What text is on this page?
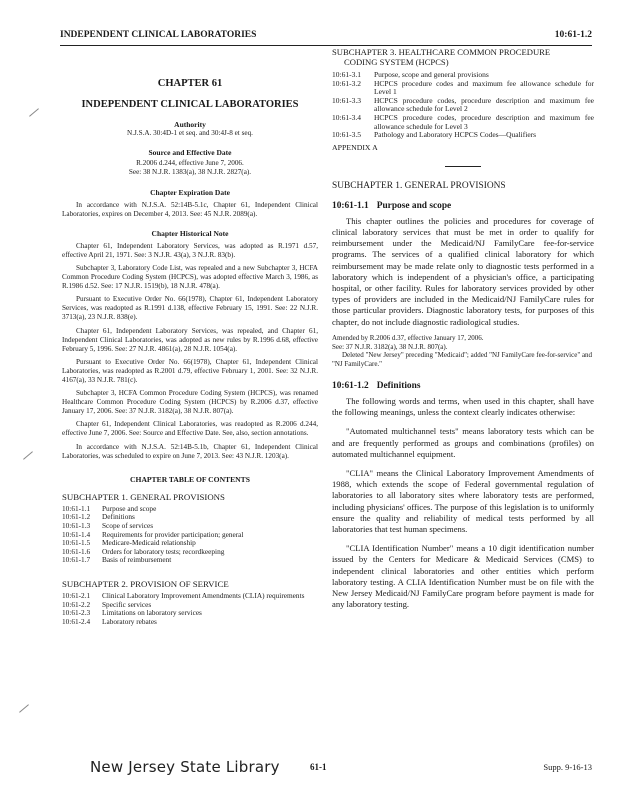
INDEPENDENT CLINICAL LABORATORIES	10:61-1.2
CHAPTER 61
INDEPENDENT CLINICAL LABORATORIES
Authority
N.J.S.A. 30:4D-1 et seq. and 30:4J-8 et seq.
Source and Effective Date
R.2006 d.244, effective June 7, 2006.
See: 38 N.J.R. 1383(a), 38 N.J.R. 2827(a).
Chapter Expiration Date

In accordance with N.J.S.A. 52:14B-5.1c, Chapter 61, Independent Clinical Laboratories, expires on December 4, 2013. See: 45 N.J.R. 2089(a).

Chapter Historical Note

Chapter 61, Independent Laboratory Services, was adopted as R.1971 d.57, effective April 21, 1971. See: 3 N.J.R. 43(a), 3 N.J.R. 83(b).

Subchapter 3, Laboratory Code List, was repealed and a new Subchapter 3, HCFA Common Procedure Coding System (HCPCS), was adopted effective March 3, 1986, as R.1986 d.52. See: 17 N.J.R. 1519(b), 18 N.J.R. 478(a).

Pursuant to Executive Order No. 66(1978), Chapter 61, Independent Laboratory Services, was readopted as R.1991 d.138, effective February 15, 1991. See: 22 N.J.R. 3713(a), 23 N.J.R. 838(e).

Chapter 61, Independent Laboratory Services, was repealed, and Chapter 61, Independent Clinical Laboratories, was adopted as new rules by R.1996 d.68, effective February 5, 1996. See: 27 N.J.R. 4861(a), 28 N.J.R. 1054(a).

Pursuant to Executive Order No. 66(1978), Chapter 61, Independent Clinical Laboratories, was readopted as R.2001 d.79, effective February 1, 2001. See: 32 N.J.R. 4167(a), 33 N.J.R. 781(c).

Subchapter 3, HCFA Common Procedure Coding System (HCPCS), was renamed Healthcare Common Procedure Coding System (HCPCS) by R.2006 d.37, effective January 17, 2006. See: 37 N.J.R. 3182(a), 38 N.J.R. 807(a).

Chapter 61, Independent Clinical Laboratories, was readopted as R.2006 d.244, effective June 7, 2006. See: Source and Effective Date. See, also, section annotations.

In accordance with N.J.S.A. 52:14B-5.1b, Chapter 61, Independent Clinical Laboratories, was scheduled to expire on June 7, 2013. See: 43 N.J.R. 1203(a).

CHAPTER TABLE OF CONTENTS
SUBCHAPTER 1. GENERAL PROVISIONS
10:61-1.1	Purpose and scope
10:61-1.2	Definitions
10:61-1.3	Scope of services
10:61-1.4	Requirements for provider participation; general
10:61-1.5	Medicare-Medicaid relationship
10:61-1.6	Orders for laboratory tests; recordkeeping
10:61-1.7	Basis of reimbursement
SUBCHAPTER 2. PROVISION OF SERVICE
10:61-2.1	Clinical Laboratory Improvement Amendments (CLIA) requirements
10:61-2.2	Specific services
10:61-2.3	Limitations on laboratory services
10:61-2.4	Laboratory rebates
SUBCHAPTER 3. HEALTHCARE COMMON PROCEDURE
CODING SYSTEM (HCPCS)
10:61-3.1	Purpose, scope and general provisions
10:61-3.2	HCPCS procedure codes and maximum fee allowance schedule for Level 1
10:61-3.3	HCPCS procedure codes, procedure description and maximum fee allowance schedule for Level 2
10:61-3.4	HCPCS procedure codes, procedure description and maximum fee allowance schedule for Level 3
10:61-3.5	Pathology and Laboratory HCPCS Codes—Qualifiers
APPENDIX A
SUBCHAPTER 1. GENERAL PROVISIONS
10:61-1.1 Purpose and scope

This chapter outlines the policies and procedures for coverage of clinical laboratory services that must be met in order to qualify for reimbursement under the Medicaid/NJ FamilyCare fee-for-service programs. The services of a qualified clinical laboratory for which reimbursement may be made relate only to diagnostic tests performed in a laboratory which is independent of a physician's office, a participating hospital, or other facility. Rules for laboratory services provided by other types of providers are included in the Medicaid/NJ FamilyCare rules for those particular providers. Diagnostic laboratory tests, for purposes of this chapter, do not include diagnostic radiological studies.

Amended by R.2006 d.37, effective January 17, 2006.
See: 37 N.J.R. 3182(a), 38 N.J.R. 807(a).
Deleted "New Jersey" preceding "Medicaid"; added "NJ FamilyCare fee-for-service" and "NJ FamilyCare."
10:61-1.2 Definitions

The following words and terms, when used in this chapter, shall have the following meanings, unless the context clearly indicates otherwise:

"Automated multichannel tests" means laboratory tests which can be and are frequently performed as groups and combinations (profiles) on automated multichannel equipment.

"CLIA" means the Clinical Laboratory Improvement Amendments of 1988, which extends the scope of Federal governmental regulation of laboratories to all laboratory sites where laboratory tests are performed, including physicians' offices. The purpose of this legislation is to uniformly ensure the quality and reliability of medical tests performed by all laboratories that test human specimens.

"CLIA Identification Number" means a 10 digit identification number issued by the Centers for Medicare & Medicaid Services (CMS) to independent clinical laboratories and other entities which perform laboratory testing. A CLIA Identification Number must be on file with the New Jersey Medicaid/NJ FamilyCare program before payment is made for any laboratory testing.

New Jersey State Library	61-1	Supp. 9-16-13
